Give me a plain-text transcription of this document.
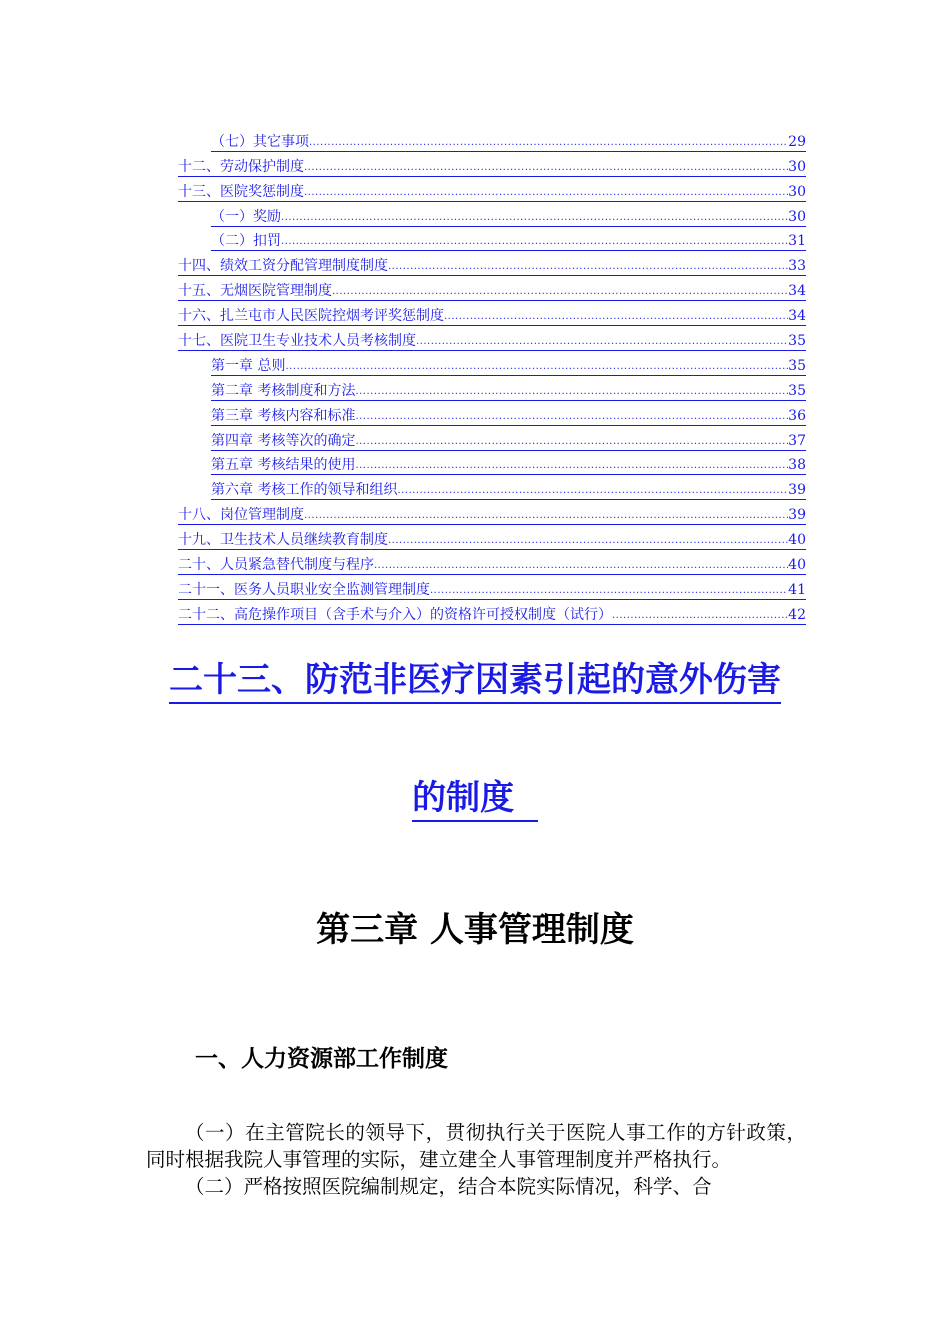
（七）其它事项 .....	29
十二、劳动保护制度 .....	30
十三、医院奖惩制度 .....	30
（一）奖励 .....	30
（二）扣罚 .....	31
十四、绩效工资分配管理制度制度 .....	33
十五、无烟医院管理制度 .....	34
十六、扎兰屯市人民医院控烟考评奖惩制度 .....	34
十七、医院卫生专业技术人员考核制度 .....	35
第一章 总则 .....	35
第二章 考核制度和方法 .....	35
第三章 考核内容和标准 .....	36
第四章 考核等次的确定 .....	37
第五章 考核结果的使用 .....	38
第六章 考核工作的领导和组织 .....	39
十八、岗位管理制度 .....	39
十九、卫生技术人员继续教育制度 .....	40
二十、人员紧急替代制度与程序 .....	40
二十一、医务人员职业安全监测管理制度 .....	41
二十二、高危操作项目（含手术与介入）的资格许可授权制度（试行） .....	42
二十三、防范非医疗因素引起的意外伤害
的制度
第三章 人事管理制度
一、人力资源部工作制度

（一）在主管院长的领导下，贯彻执行关于医院人事工作的方针政策，同时根据我院人事管理的实际，建立建全人事管理制度并严格执行。

（二）严格按照医院编制规定，结合本院实际情况，科学、合
